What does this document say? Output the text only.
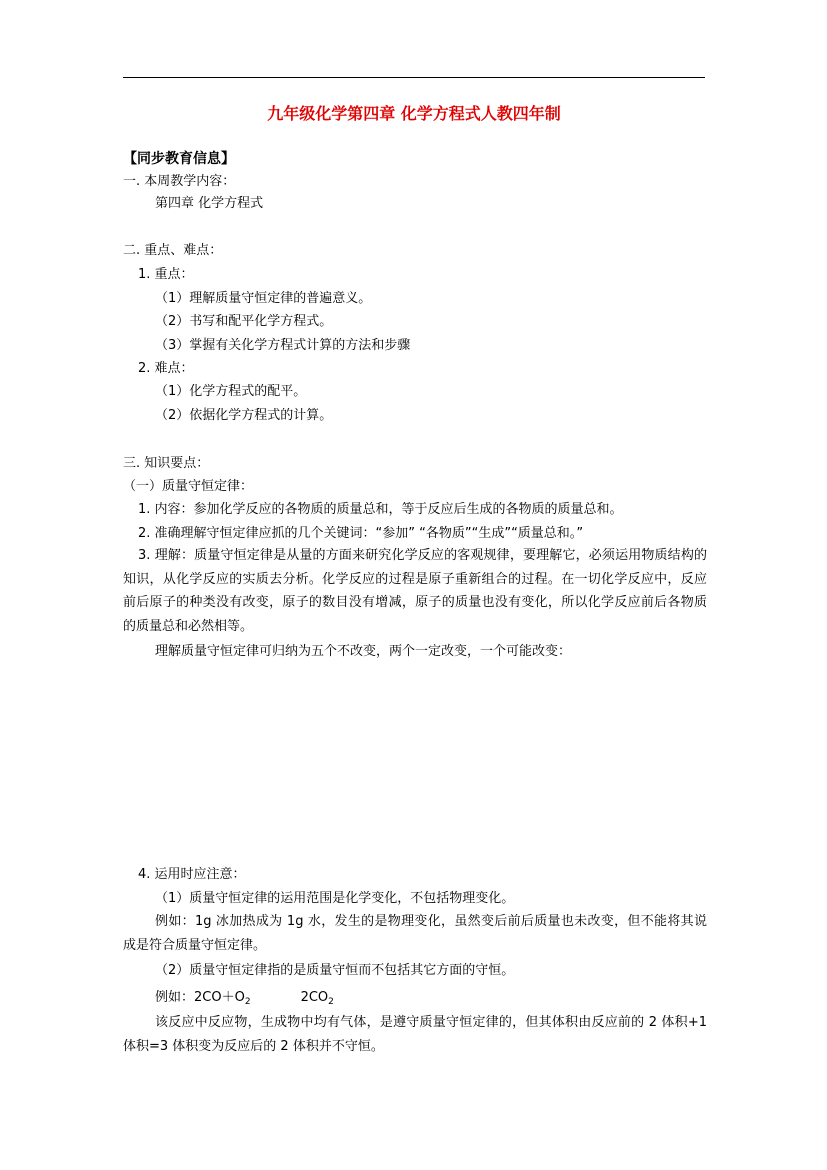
九年级化学第四章 化学方程式人教四年制
【同步教育信息】
一. 本周教学内容：
第四章 化学方程式
二. 重点、难点：
1. 重点：
（1）理解质量守恒定律的普遍意义。
（2）书写和配平化学方程式。
（3）掌握有关化学方程式计算的方法和步骤
2. 难点：
（1）化学方程式的配平。
（2）依据化学方程式的计算。
三. 知识要点：
（一）质量守恒定律：
1. 内容：参加化学反应的各物质的质量总和，等于反应后生成的各物质的质量总和。
2. 准确理解守恒定律应抓的几个关键词：“参加” “各物质”“生成”“质量总和。”
3. 理解：质量守恒定律是从量的方面来研究化学反应的客观规律，要理解它，必须运用物质结构的知识，从化学反应的实质去分析。化学反应的过程是原子重新组合的过程。在一切化学反应中，反应前后原子的种类没有改变，原子的数目没有增减，原子的质量也没有变化，所以化学反应前后各物质的质量总和必然相等。
理解质量守恒定律可归纳为五个不改变，两个一定改变，一个可能改变：
4. 运用时应注意：
（1）质量守恒定律的运用范围是化学变化，不包括物理变化。
例如：1g 冰加热成为 1g 水，发生的是物理变化，虽然变后前后质量也未改变，但不能将其说成是符合质量守恒定律。
（2）质量守恒定律指的是质量守恒而不包括其它方面的守恒。
例如：$2CO+O_2$	$2CO_2$
该反应中反应物，生成物中均有气体，是遵守质量守恒定律的，但其体积由反应前的 2 体积+1 体积=3 体积变为反应后的 2 体积并不守恒。
